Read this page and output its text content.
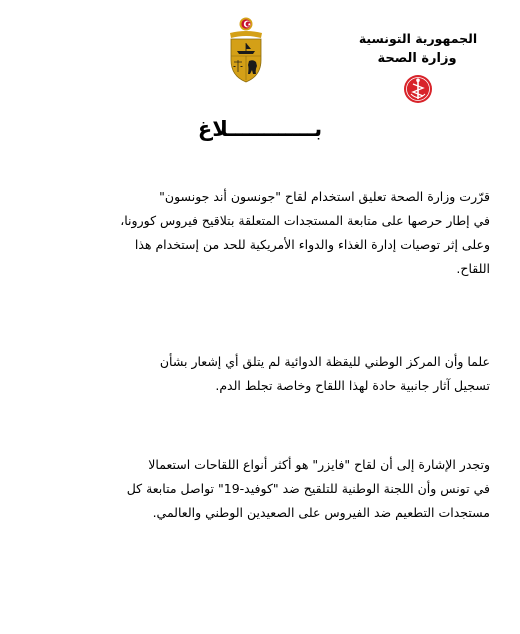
الجمهورية التونسية
وزارة الصحة
بــــــــــــلاغ
قرّرت وزارة الصحة تعليق استخدام لقاح "جونسون أند جونسون"
في إطار حرصها على متابعة المستجدات المتعلقة بتلاقيح فيروس كورونا،
وعلى إثر توصيات إدارة الغذاء والدواء الأمريكية للحد من إستخدام هذا
اللقاح.
علما وأن المركز الوطني لليقظة الدوائية لم يتلق أي إشعار بشأن
تسجيل آثار جانبية حادة لهذا اللقاح وخاصة تجلط الدم.
وتجدر الإشارة إلى أن لقاح "فايزر" هو أكثر أنواع اللقاحات استعمالا
في تونس وأن اللجنة الوطنية للتلقيح ضد "كوفيد-19" تواصل متابعة كل
مستجدات التطعيم ضد الفيروس على الصعيدين الوطني والعالمي.
